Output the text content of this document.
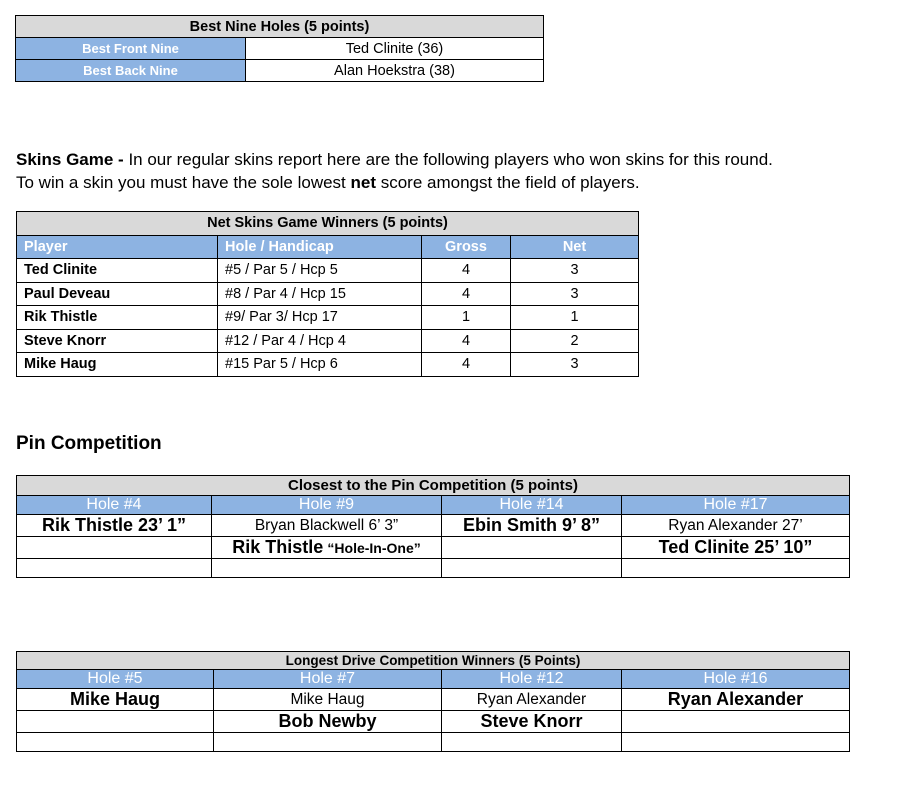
Best Nine Holes (5 points)	
Best Front Nine	Ted Clinite (36)
Best Back Nine	Alan Hoekstra (38)

Skins Game - In our regular skins report here are the following players who won skins for this round.
To win a skin you must have the sole lowest net score amongst the field of players.

Net Skins Game Winners (5 points)			
Player	Hole / Handicap	Gross	Net
Ted Clinite	#5 / Par 5 / Hcp 5	4	3
Paul Deveau	#8 / Par 4 / Hcp 15	4	3
Rik Thistle	#9/ Par 3/ Hcp 17	1	1
Steve Knorr	#12 / Par 4 / Hcp 4	4	2
Mike Haug	#15 Par 5 / Hcp 6	4	3
Pin Competition
Closest to the Pin Competition (5 points)			
Hole #4	Hole #9	Hole #14	Hole #17
Rik Thistle 23’ 1”	Bryan Blackwell 6’ 3”	Ebin Smith 9’ 8”	Ryan Alexander 27’
	Rik Thistle “Hole-In-One”		Ted Clinite 25’ 10”

Longest Drive Competition Winners (5 Points)			
Hole #5	Hole #7	Hole #12	Hole #16
Mike Haug	Mike Haug	Ryan Alexander	Ryan Alexander
	Bob Newby	Steve Knorr	
